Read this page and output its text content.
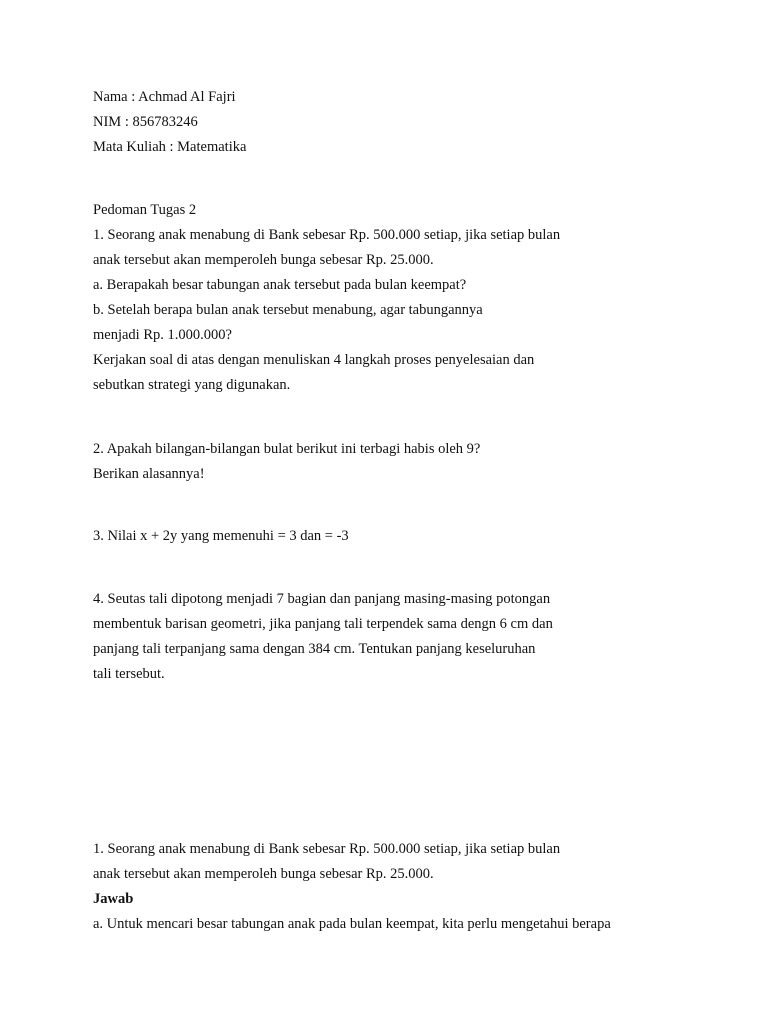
Nama : Achmad Al Fajri
NIM : 856783246
Mata Kuliah : Matematika
Pedoman Tugas 2
1. Seorang anak menabung di Bank sebesar Rp. 500.000 setiap, jika setiap bulan
anak tersebut akan memperoleh bunga sebesar Rp. 25.000.
a. Berapakah besar tabungan anak tersebut pada bulan keempat?
b. Setelah berapa bulan anak tersebut menabung, agar tabungannya
menjadi Rp. 1.000.000?
Kerjakan soal di atas dengan menuliskan 4 langkah proses penyelesaian dan
sebutkan strategi yang digunakan.
2. Apakah bilangan-bilangan bulat berikut ini terbagi habis oleh 9?
Berikan alasannya!
3. Nilai x + 2y yang memenuhi = 3 dan = -3
4. Seutas tali dipotong menjadi 7 bagian dan panjang masing-masing potongan
membentuk barisan geometri, jika panjang tali terpendek sama dengn 6 cm dan
panjang tali terpanjang sama dengan 384 cm. Tentukan panjang keseluruhan
tali tersebut.
1. Seorang anak menabung di Bank sebesar Rp. 500.000 setiap, jika setiap bulan
anak tersebut akan memperoleh bunga sebesar Rp. 25.000.
Jawab
a. Untuk mencari besar tabungan anak pada bulan keempat, kita perlu mengetahui berapa
